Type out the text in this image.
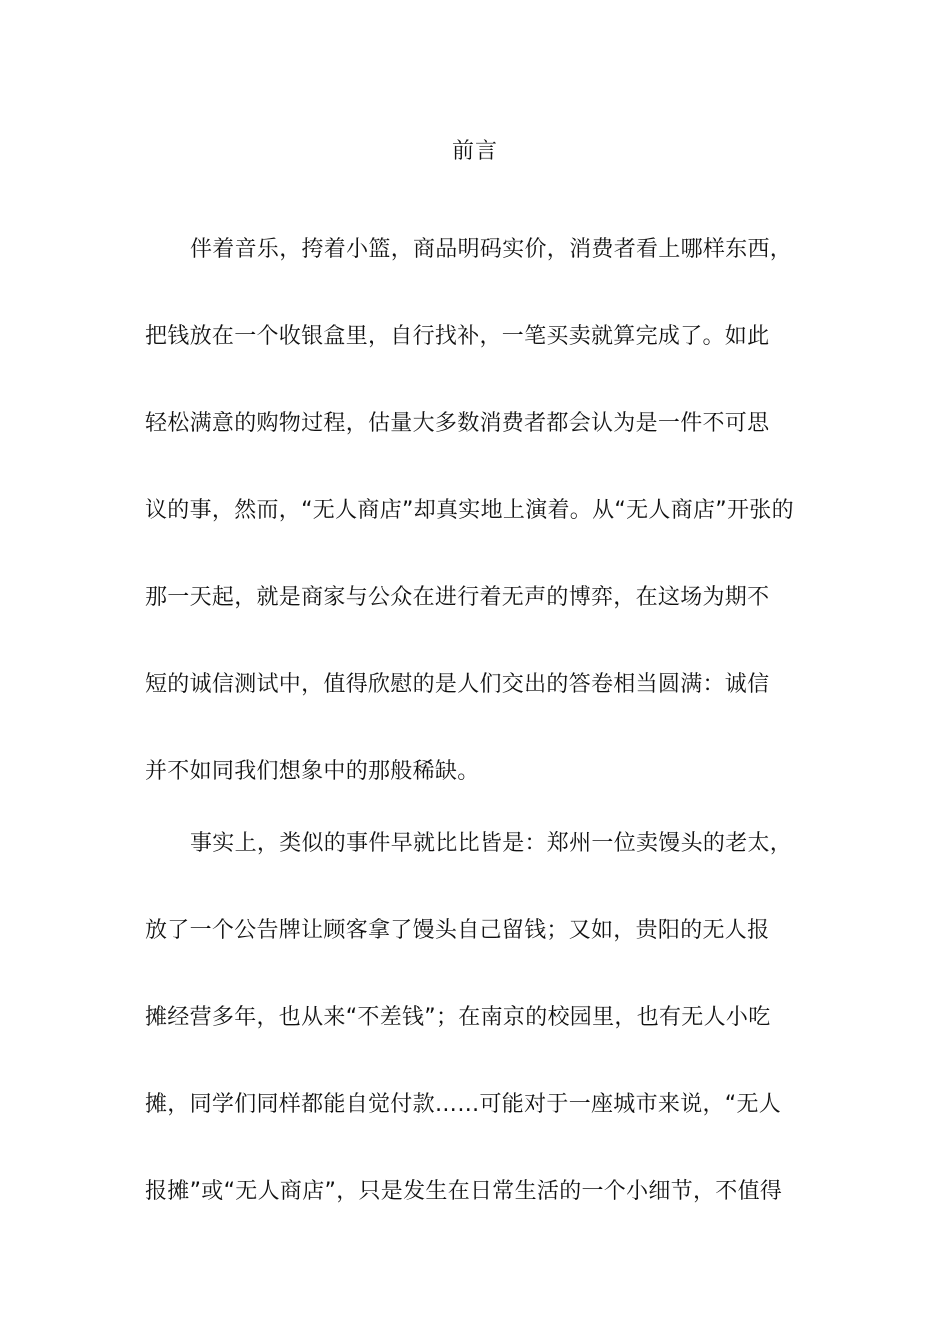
前言
伴着音乐，挎着小篮，商品明码实价，消费者看上哪样东西，
把钱放在一个收银盒里，自行找补，一笔买卖就算完成了。如此
轻松满意的购物过程，估量大多数消费者都会认为是一件不可思
议的事，然而，“无人商店”却真实地上演着。从“无人商店”开张的
那一天起，就是商家与公众在进行着无声的博弈，在这场为期不
短的诚信测试中，值得欣慰的是人们交出的答卷相当圆满：诚信
并不如同我们想象中的那般稀缺。
事实上，类似的事件早就比比皆是：郑州一位卖馒头的老太，
放了一个公告牌让顾客拿了馒头自己留钱；又如，贵阳的无人报
摊经营多年，也从来“不差钱”；在南京的校园里，也有无人小吃
摊，同学们同样都能自觉付款……可能对于一座城市来说，“无人
报摊”或“无人商店”，只是发生在日常生活的一个小细节，不值得
